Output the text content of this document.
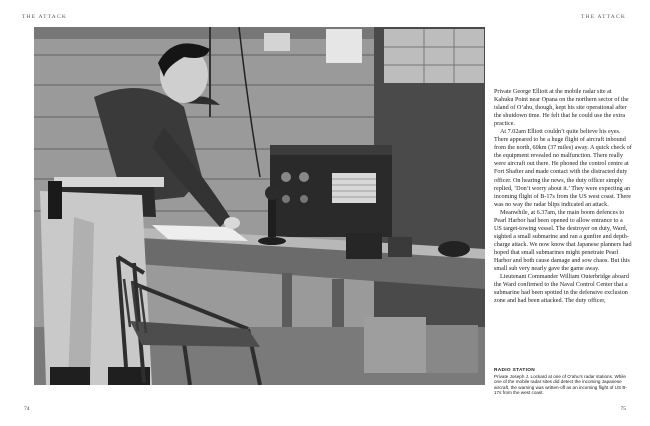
THE ATTACK	THE ATTACK

Private George Elliott at the mobile radar site at Kahuku Point near Opana on the northern sector of the island of O’ahu, though, kept his site operational after the shutdown time. He felt that he could use the extra practice.

At 7.02am Elliott couldn’t quite believe his eyes. There appeared to be a huge flight of aircraft inbound from the north, 60km (37 miles) away. A quick check of the equipment revealed no malfunction. There really were aircraft out there. He phoned the control centre at Fort Shafter and made contact with the distracted duty officer. On hearing the news, the duty officer simply replied, ‘Don’t worry about it.’ They were expecting an incoming flight of B-17s from the US west coast. There was no way the radar blips indicated an attack.

Meanwhile, at 6.37am, the main boom defences to Pearl Harbor had been opened to allow entrance to a US target-towing vessel. The destroyer on duty, Ward, sighted a small submarine and ran a gunfire and depth-charge attack. We now know that Japanese planners had hoped that small submarines might penetrate Pearl Harbor and both cause damage and sow chaos. But this small sub very nearly gave the game away.

Lieutenant Commander William Outerbridge aboard the Ward confirmed to the Naval Control Center that a submarine had been spotted in the defensive exclusion zone and had been attacked. The duty officer,

RADIO STATION
Private Joseph J. Lockard at one of O’ahu’s radar stations. While one of the mobile radar sites did detect the incoming Japanese aircraft, the warning was written-off as an incoming flight of US B-17s from the west coast.
74	75
